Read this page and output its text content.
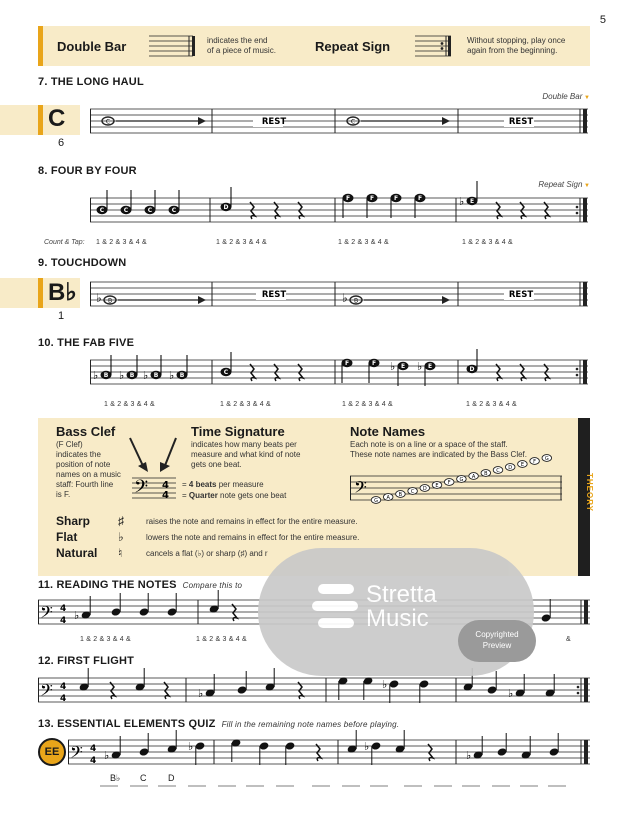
5
Double Bar	indicates the end
of a piece of music.	Repeat Sign	Without stopping, play once
again from the beginning.
7. THE LONG HAUL
Double Bar ▼
C
6
C	REST	C	REST
8. FOUR BY FOUR
Repeat Sign ▼
C	C	C	C	D
F	F	F	F	♭ E
Count & Tap: 1 & 2 & 3 & 4 &	1 & 2 & 3 & 4 &	1 & 2 & 3 & 4 &	1 & 2 & 3 & 4 &
9. TOUCHDOWN
B♭
1
♭ B
REST	♭ B
REST
10. THE FAB FIVE
♭ B ♭ B ♭ B ♭ B	C
F	F ♭ E ♭ E	D
1 & 2 & 3 & 4 &	1 & 2 & 3 & 4 &	1 & 2 & 3 & 4 &	1 & 2 & 3 & 4 &
THEORY
Bass Clef
(F Clef)
indicates the
position of note
names on a music
staff: Fourth line
is F.	𝄢 4
4
Time Signature
indicates how many beats per
measure and what kind of note
gets one beat.
= 4 beats per measure
= Quarter note gets one beat
Note Names
Each note is on a line or a space of the staff.
These note names are indicated by the Bass Clef.
𝄢 G A B C D E F G A B C D E F G
Sharp ♯	raises the note and remains in effect for the entire measure.
Flat	♭	lowers the note and remains in effect for the entire measure.
Natural ♮	cancels a flat (♭) or sharp (♯) and r
11. READING THE NOTES Compare this to
𝄢 4
4 ♭
1 & 2 & 3 & 4 &	1 & 2 & 3 & 4 &	&
12. FIRST FLIGHT
𝄢 4
4	♭
♭
♭
13. ESSENTIAL ELEMENTS QUIZ Fill in the remaining note names before playing.
EE 𝄢 4
4 ♭
♭	♭
♭
B♭ C D
Stretta
Music
Copyrighted
Preview
